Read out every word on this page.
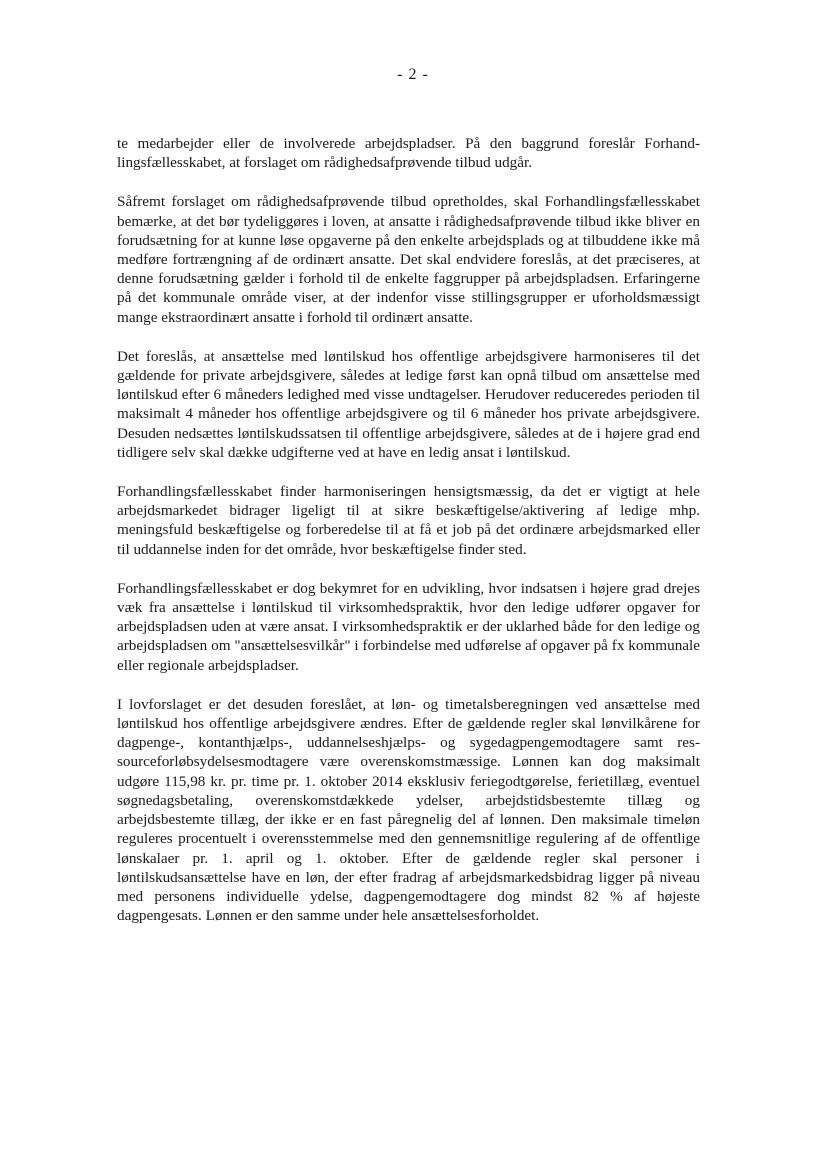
- 2 -

te medarbejder eller de involverede arbejdspladser. På den baggrund foreslår Forhandlingsfællesskabet, at forslaget om rådighedsafprøvende tilbud udgår.

Såfremt forslaget om rådighedsafprøvende tilbud opretholdes, skal Forhandlingsfællesskabet bemærke, at det bør tydeliggøres i loven, at ansatte i rådighedsafprøvende tilbud ikke bliver en forudsætning for at kunne løse opgaverne på den enkelte arbejdsplads og at tilbuddene ikke må medføre fortrængning af de ordinært ansatte. Det skal endvidere foreslås, at det præciseres, at denne forudsætning gælder i forhold til de enkelte faggrupper på arbejdspladsen. Erfaringerne på det kommunale område viser, at der indenfor visse stillingsgrupper er uforholdsmæssigt mange ekstraordinært ansatte i forhold til ordinært ansatte.

Det foreslås, at ansættelse med løntilskud hos offentlige arbejdsgivere harmoniseres til det gældende for private arbejdsgivere, således at ledige først kan opnå tilbud om ansættelse med løntilskud efter 6 måneders ledighed med visse undtagelser. Herudover reduceredes perioden til maksimalt 4 måneder hos offentlige arbejdsgivere og til 6 måneder hos private arbejdsgivere. Desuden nedsættes løntilskudssatsen til offentlige arbejdsgivere, således at de i højere grad end tidligere selv skal dække udgifterne ved at have en ledig ansat i løntilskud.

Forhandlingsfællesskabet finder harmoniseringen hensigtsmæssig, da det er vigtigt at hele arbejdsmarkedet bidrager ligeligt til at sikre beskæftigelse/aktivering af ledige mhp. meningsfuld beskæftigelse og forberedelse til at få et job på det ordinære arbejdsmarked eller til uddannelse inden for det område, hvor beskæftigelse finder sted.

Forhandlingsfællesskabet er dog bekymret for en udvikling, hvor indsatsen i højere grad drejes væk fra ansættelse i løntilskud til virksomhedspraktik, hvor den ledige udfører opgaver for arbejdspladsen uden at være ansat. I virksomhedspraktik er der uklarhed både for den ledige og arbejdspladsen om "ansættelsesvilkår" i forbindelse med udførelse af opgaver på fx kommunale eller regionale arbejdspladser.

I lovforslaget er det desuden foreslået, at løn- og timetalsberegningen ved ansættelse med løntilskud hos offentlige arbejdsgivere ændres. Efter de gældende regler skal lønvilkårene for dagpenge-, kontanthjælps-, uddannelseshjælps- og sygedagpengemodtagere samt ressourceforløbsydelsesmodtagere være overenskomstmæssige. Lønnen kan dog maksimalt udgøre 115,98 kr. pr. time pr. 1. oktober 2014 eksklusiv feriegodtgørelse, ferietillæg, eventuel søgnedagsbetaling, overenskomstdækkede ydelser, arbejdstidsbestemte tillæg og arbejdsbestemte tillæg, der ikke er en fast påregnelig del af lønnen. Den maksimale timeløn reguleres procentuelt i overensstemmelse med den gennemsnitlige regulering af de offentlige lønskalaer pr. 1. april og 1. oktober. Efter de gældende regler skal personer i løntilskudsansættelse have en løn, der efter fradrag af arbejdsmarkedsbidrag ligger på niveau med personens individuelle ydelse, dagpengemodtagere dog mindst 82 % af højeste dagpengesats. Lønnen er den samme under hele ansættelsesforholdet.
